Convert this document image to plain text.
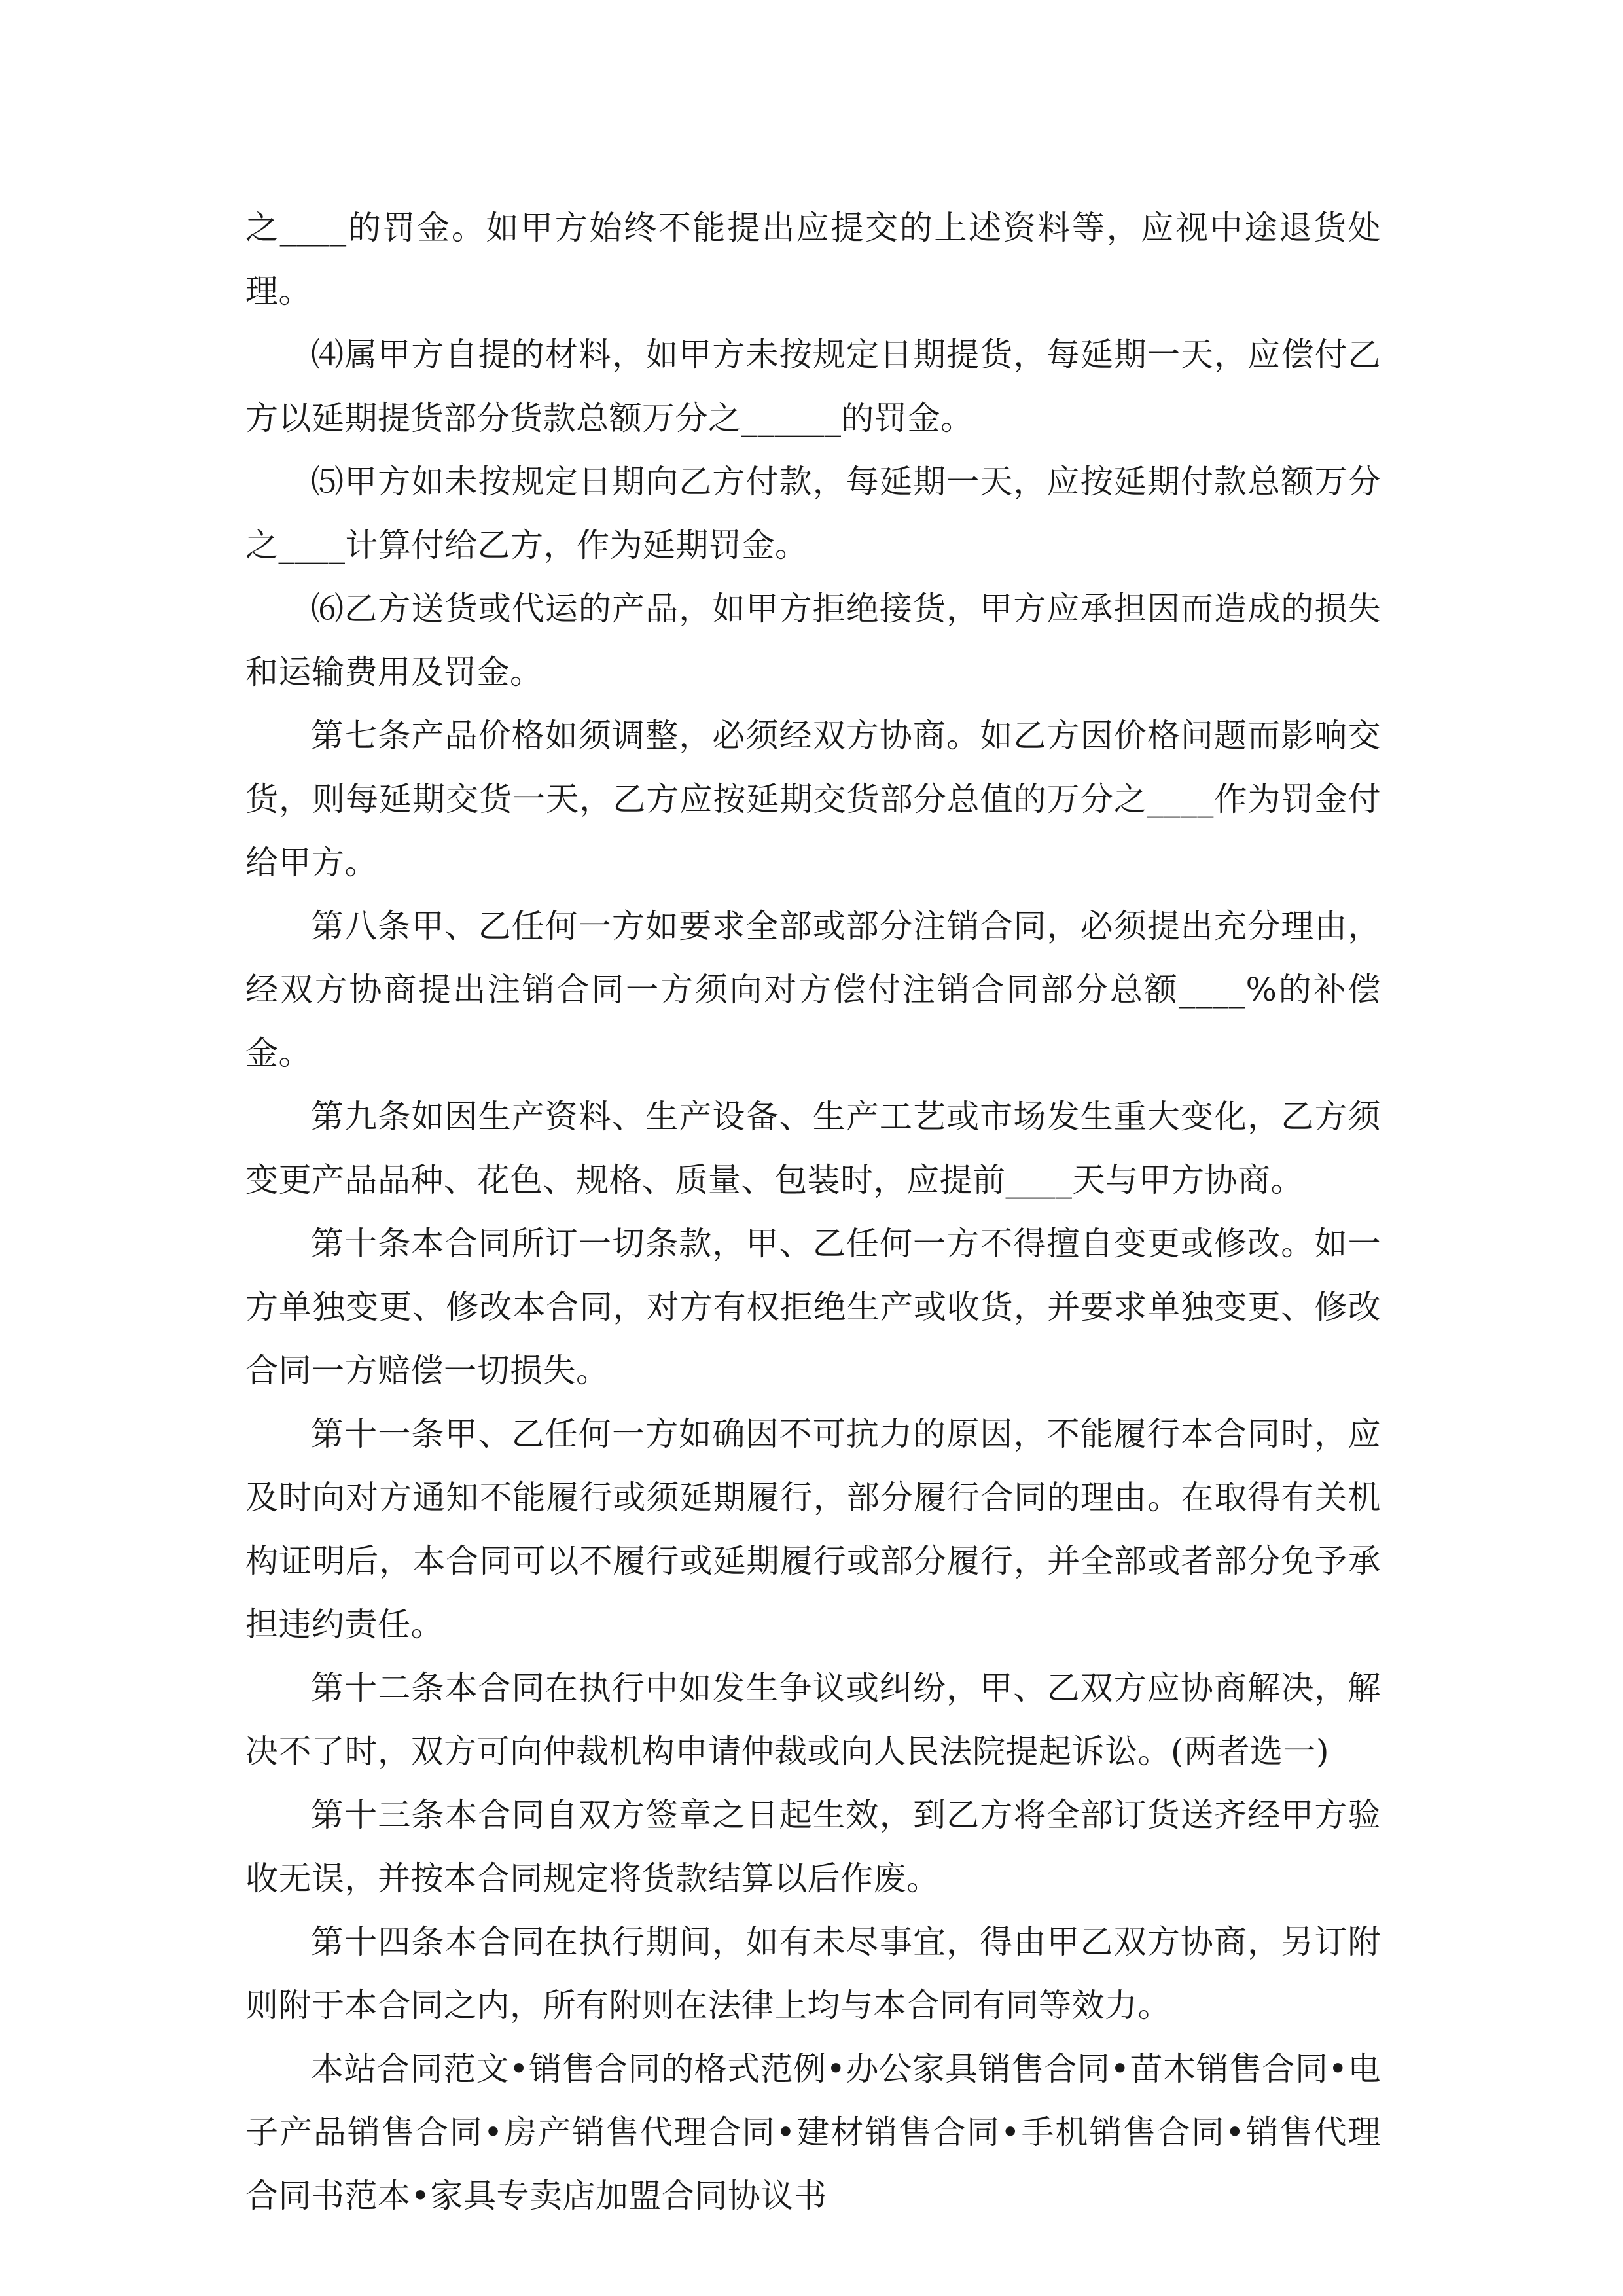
之____的罚金。如甲方始终不能提出应提交的上述资料等，应视中途退货处理。

⑷属甲方自提的材料，如甲方未按规定日期提货，每延期一天，应偿付乙方以延期提货部分货款总额万分之______的罚金。

⑸甲方如未按规定日期向乙方付款，每延期一天，应按延期付款总额万分之____计算付给乙方，作为延期罚金。

⑹乙方送货或代运的产品，如甲方拒绝接货，甲方应承担因而造成的损失和运输费用及罚金。

第七条产品价格如须调整，必须经双方协商。如乙方因价格问题而影响交货，则每延期交货一天，乙方应按延期交货部分总值的万分之____作为罚金付给甲方。

第八条甲、乙任何一方如要求全部或部分注销合同，必须提出充分理由，经双方协商提出注销合同一方须向对方偿付注销合同部分总额____%的补偿金。

第九条如因生产资料、生产设备、生产工艺或市场发生重大变化，乙方须变更产品品种、花色、规格、质量、包装时，应提前____天与甲方协商。

第十条本合同所订一切条款，甲、乙任何一方不得擅自变更或修改。如一方单独变更、修改本合同，对方有权拒绝生产或收货，并要求单独变更、修改合同一方赔偿一切损失。

第十一条甲、乙任何一方如确因不可抗力的原因，不能履行本合同时，应及时向对方通知不能履行或须延期履行，部分履行合同的理由。在取得有关机构证明后，本合同可以不履行或延期履行或部分履行，并全部或者部分免予承担违约责任。

第十二条本合同在执行中如发生争议或纠纷，甲、乙双方应协商解决，解决不了时，双方可向仲裁机构申请仲裁或向人民法院提起诉讼。(两者选一)

第十三条本合同自双方签章之日起生效，到乙方将全部订货送齐经甲方验收无误，并按本合同规定将货款结算以后作废。

第十四条本合同在执行期间，如有未尽事宜，得由甲乙双方协商，另订附则附于本合同之内，所有附则在法律上均与本合同有同等效力。

本站合同范文•销售合同的格式范例•办公家具销售合同•苗木销售合同•电子产品销售合同•房产销售代理合同•建材销售合同•手机销售合同•销售代理合同书范本•家具专卖店加盟合同协议书
